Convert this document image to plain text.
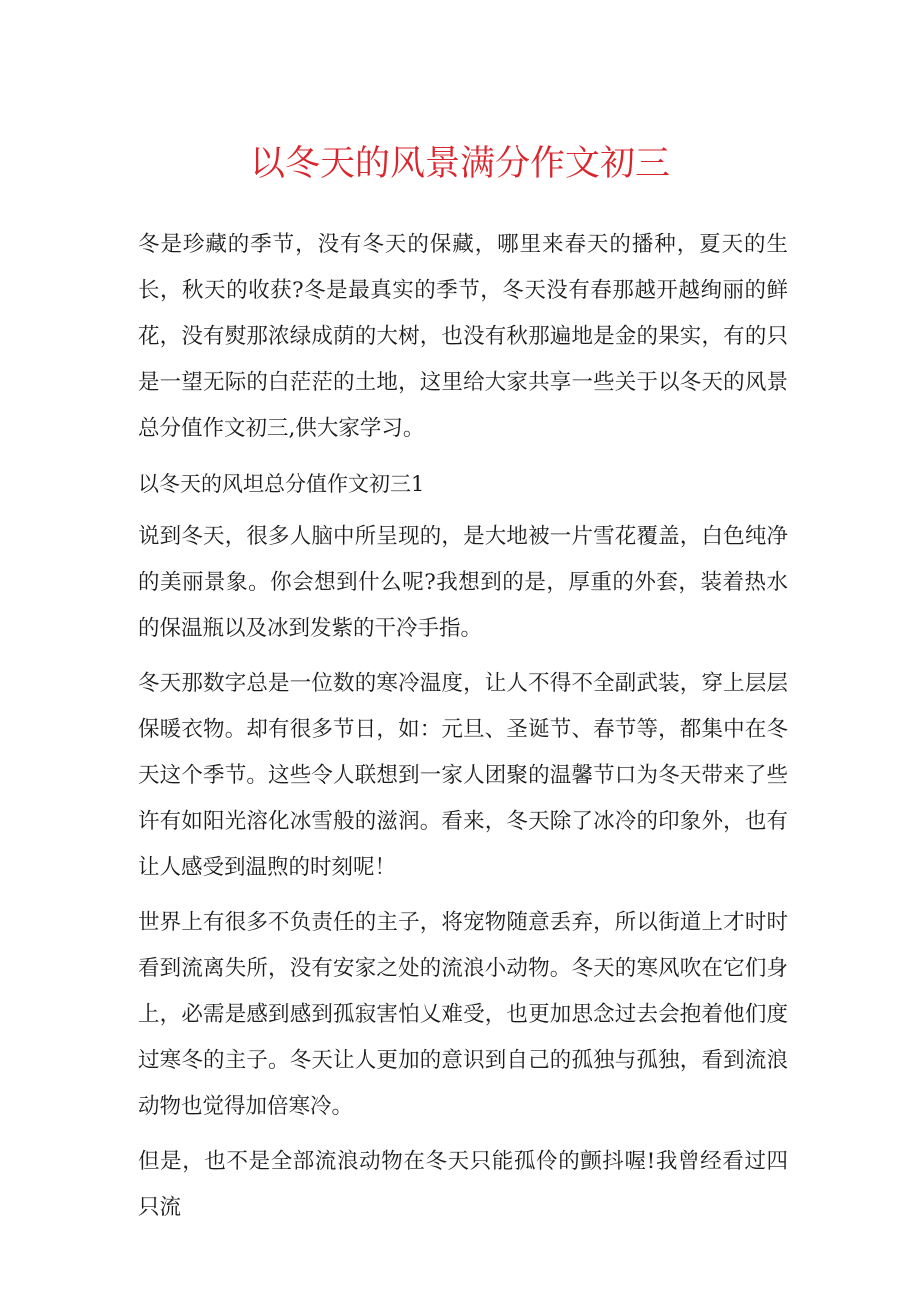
以冬天的风景满分作文初三

冬是珍藏的季节，没有冬天的保藏，哪里来春天的播种，夏天的生长，秋天的收获?冬是最真实的季节，冬天没有春那越开越绚丽的鲜花，没有熨那浓绿成荫的大树，也没有秋那遍地是金的果实，有的只是一望无际的白茫茫的土地，这里给大家共享一些关于以冬天的风景总分值作文初三,供大家学习。

以冬天的风坦总分值作文初三1

说到冬天，很多人脑中所呈现的，是大地被一片雪花覆盖，白色纯净的美丽景象。你会想到什么呢?我想到的是，厚重的外套，装着热水的保温瓶以及冰到发紫的干冷手指。

冬天那数字总是一位数的寒冷温度，让人不得不全副武装，穿上层层保暖衣物。却有很多节日，如：元旦、圣诞节、春节等，都集中在冬天这个季节。这些令人联想到一家人团聚的温馨节口为冬天带来了些许有如阳光溶化冰雪般的滋润。看来，冬天除了冰冷的印象外，也有让人感受到温煦的时刻呢！

世界上有很多不负责任的主子，将宠物随意丢弃，所以街道上才时时看到流离失所，没有安家之处的流浪小动物。冬天的寒风吹在它们身上，必需是感到感到孤寂害怕乂难受，也更加思念过去会抱着他们度过寒冬的主子。冬天让人更加的意识到自己的孤独与孤独，看到流浪动物也觉得加倍寒冷。

但是，也不是全部流浪动物在冬天只能孤伶的颤抖喔!我曾经看过四只流
